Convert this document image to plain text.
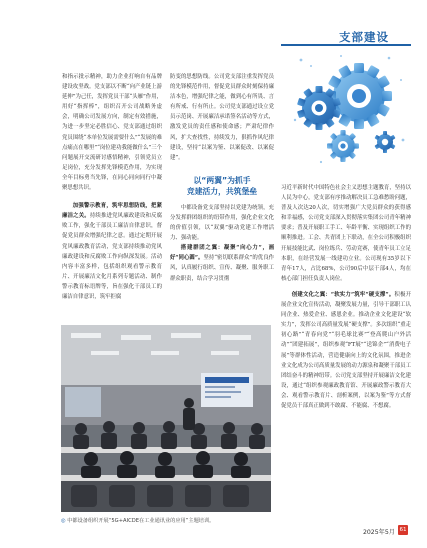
支部建设

和指示批示精神，助力企业打响自有品牌建设攻坚战。党支部以不断“向产业链上游延伸”为己任，发挥党员干部“头雁”作用，用好“指挥棒”，组织召开公司战略务虚会，明确公司发展方向，制定有效措施，为进一步坚定必胜信心、党支部通过组织党员围绕“本单位发展需要什么”“发展的难点痛点在哪里”“岗位建功我能做什么”三个问题展开交流研讨感悟精神，引领党员立足岗位，充分发挥先锋模范作用，为实现全年目标勇当先锋，在同心同向同行中凝聚思想共识。

加强警示教育，筑牢思想防线，把紧廉洁之关。持续推进党风廉政建设和反腐败工作，强化干部员工廉洁自律意识，督促党员群众增强纪律之意。通过定期开展党风廉政教育活动，党支部持续推动党风廉政建设和反腐败工作向纵深发展。活动内容丰富多样，包括组织观看警示教育片、开展廉洁文化月系列专题活动、制作警示教育标语牌等，旨在强化干部员工的廉洁自律意识，筑牢拒腐

防变的思想防线。公司党支部注重发挥党员的先锋模范作用，督促党员群众时刻保持廉洁本色，增强纪律之能，做到心有所畏、言有所戒、行有所止。公司党支部通过设立党员示范岗、开展廉洁承诺签名活动等方式，激发党员的责任感和使命感；严肃纪律作风，扩大查找性，持续发力，狠抓作风纪律建设，坚持“以案为鉴、以案促改、以案促建”。

以“两翼”为抓手
竞建活力，共筑堡垒

中都设备党支部坚持以党建为统领，充分发挥群团组织的纽带作用，强化企业文化的价值引领，以“双翼”驱动党建工作增活力、强动能。

搭建群团之翼：凝聚“向心力”，画好“同心圆”。坚持“密切联系群众”的优良作风，认真履行组织、宣传、凝聚、服务职工群众职责，结合学习贯彻

习近平新时代中国特色社会主义思想主题教育，坚持以人民为中心，党支部有序推动解决员工急难愁盼问题，普及人次达20人次，切实增强广大党员群众的获得感和幸福感，公司党支部深入贯彻落实集团公司青年精神要求；普及开展职工手工、年龄平衡、实现组织工作的顺利推进。工会、共青团上下联动，在全公司积极组织开展技能比武、岗位练兵、劳动竞赛，使青年员工立足本职，在经营发展一线建功立业。公司现有35岁以下青年17人，占比68%，公司90后中层干部4人，均在核心部门担任负责人岗位。

创建文化之翼：“软实力”筑牢“硬支撑”。积极开展企业文化宣传活动，凝聚发展力量，引导干部职工认同企业、热爱企业、感恩企业。推动企业文化建设“软实力”，发挥公司高质量发展“硬支撑”。多次组织“重走初心路”“青春向党”“羽毛球比赛”“登高爬山户外活动”“团建拓展”，组织参观“FT展”“送锦企”“消费电子展”等群体性活动，营造健康向上的文化氛围，推进企业文化成为公司高质量发展的动力源泉和凝聚干部员工团结奋斗的精神纽带。公司党支部坚持开展廉洁文化建设，通过“组织参观廉政教育馆、开展廉政警示教育大会、观看警示教育片、剖析案例，以案为鉴”等方式督促党员干部真正做到不敢腐、不能腐、不想腐。

◎ 中都设备组织开展“5G+AICDE在工业通讯业的应用”主题培训。
2025年5月 61
